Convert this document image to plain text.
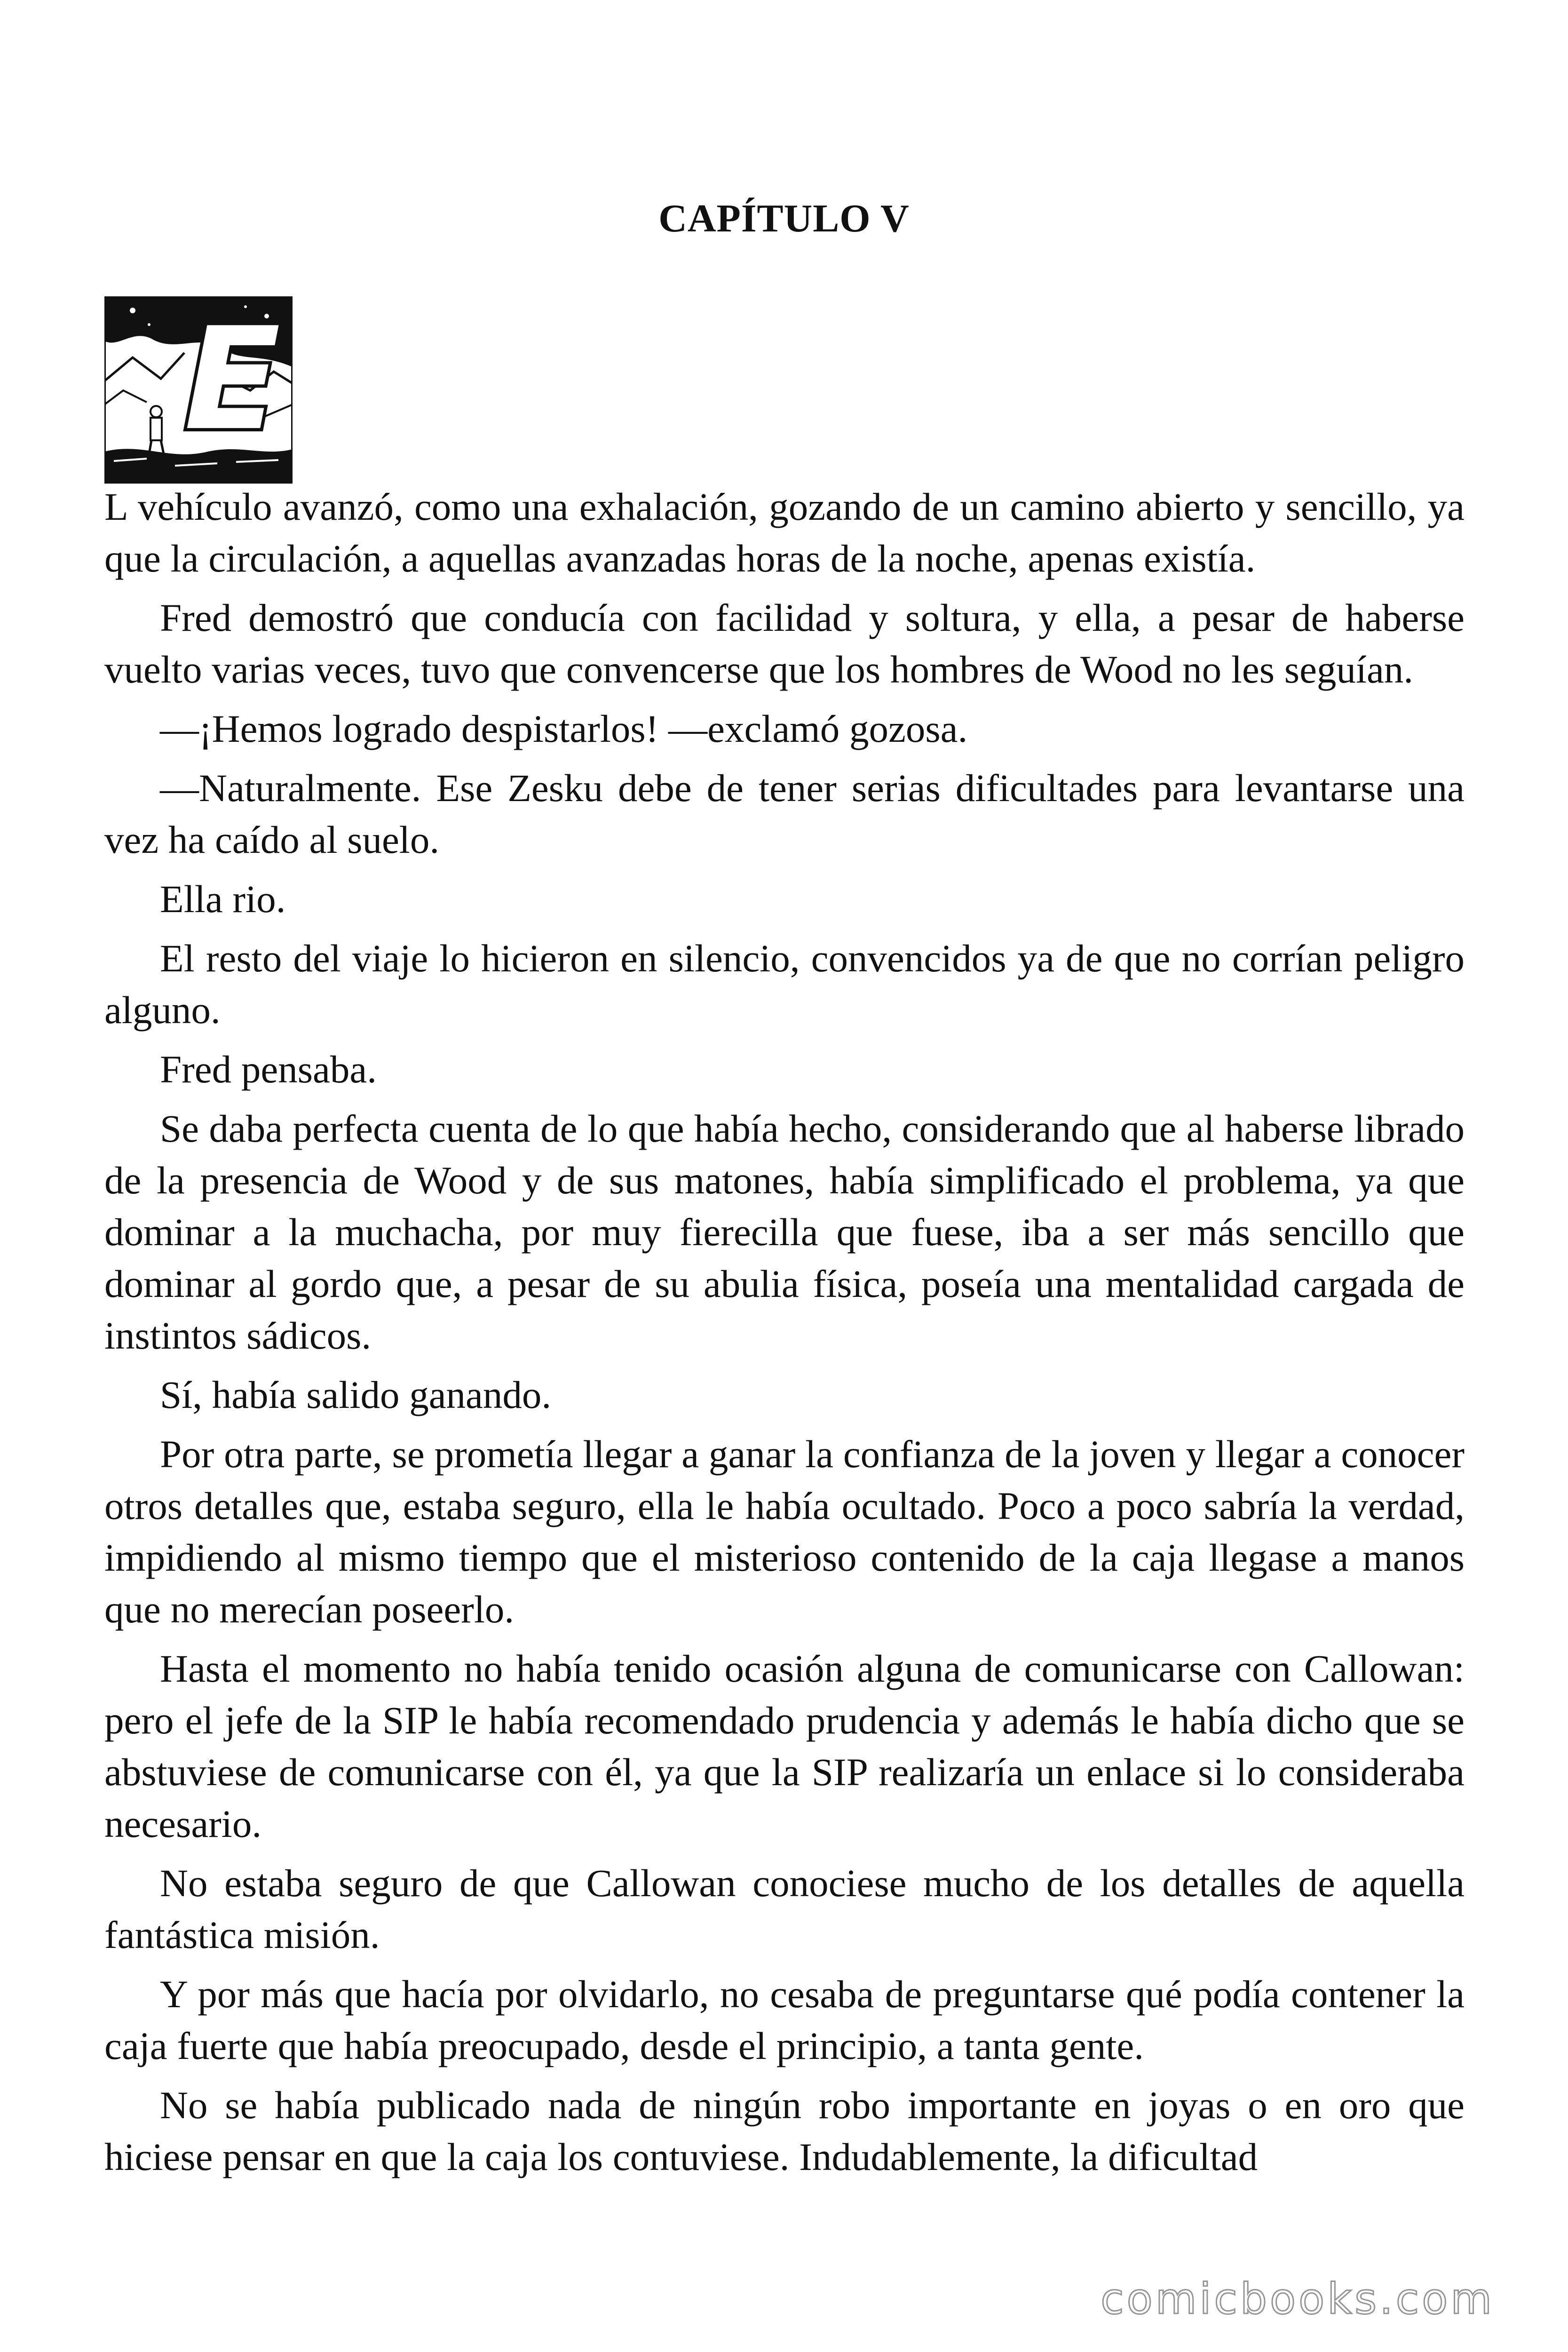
CAPÍTULO V
E

L vehículo avanzó, como una exhalación, gozando de un camino abierto y sencillo, ya que la circulación, a aquellas avanzadas horas de la noche, apenas existía.

Fred demostró que conducía con facilidad y soltura, y ella, a pesar de haberse vuelto varias veces, tuvo que convencerse que los hombres de Wood no les seguían.

—¡Hemos logrado despistarlos! —exclamó gozosa.

—Naturalmente. Ese Zesku debe de tener serias dificultades para levantarse una vez ha caído al suelo.

Ella rio.

El resto del viaje lo hicieron en silencio, convencidos ya de que no corrían peligro alguno.

Fred pensaba.

Se daba perfecta cuenta de lo que había hecho, considerando que al haberse librado de la presencia de Wood y de sus matones, había simplificado el problema, ya que dominar a la muchacha, por muy fierecilla que fuese, iba a ser más sencillo que dominar al gordo que, a pesar de su abulia física, poseía una mentalidad cargada de instintos sádicos.

Sí, había salido ganando.

Por otra parte, se prometía llegar a ganar la confianza de la joven y llegar a conocer otros detalles que, estaba seguro, ella le había ocultado. Poco a poco sabría la verdad, impidiendo al mismo tiempo que el misterioso contenido de la caja llegase a manos que no merecían poseerlo.

Hasta el momento no había tenido ocasión alguna de comunicarse con Callowan: pero el jefe de la SIP le había recomendado prudencia y además le había dicho que se abstuviese de comunicarse con él, ya que la SIP realizaría un enlace si lo consideraba necesario.

No estaba seguro de que Callowan conociese mucho de los detalles de aquella fantástica misión.

Y por más que hacía por olvidarlo, no cesaba de preguntarse qué podía contener la caja fuerte que había preocupado, desde el principio, a tanta gente.

No se había publicado nada de ningún robo importante en joyas o en oro que hiciese pensar en que la caja los contuviese. Indudablemente, la dificultad

comicbooks.com
